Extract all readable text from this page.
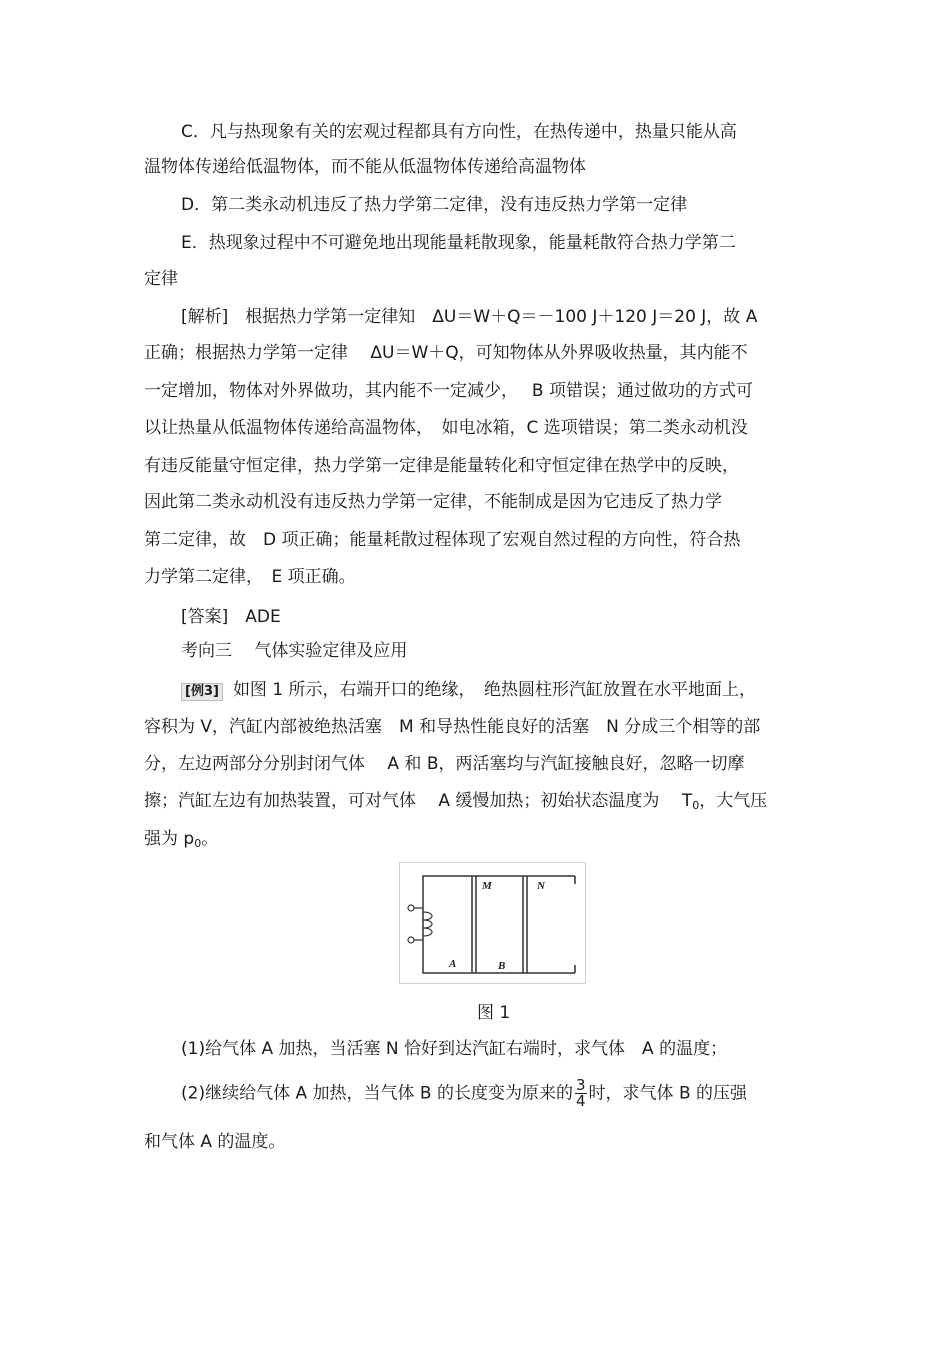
C．凡与热现象有关的宏观过程都具有方向性，在热传递中，热量只能从高
温物体传递给低温物体，而不能从低温物体传递给高温物体
D．第二类永动机违反了热力学第二定律，没有违反热力学第一定律
E．热现象过程中不可避免地出现能量耗散现象，能量耗散符合热力学第二
定律
[解析]　根据热力学第一定律知　ΔU＝W＋Q＝－100 J＋120 J＝20 J，故 A
正确；根据热力学第一定律　 ΔU＝W＋Q，可知物体从外界吸收热量，其内能不
一定增加，物体对外界做功，其内能不一定减少，　 B 项错误；通过做功的方式可
以让热量从低温物体传递给高温物体，　如电冰箱，C 选项错误；第二类永动机没
有违反能量守恒定律，热力学第一定律是能量转化和守恒定律在热学中的反映，
因此第二类永动机没有违反热力学第一定律，不能制成是因为它违反了热力学
第二定律，故　D 项正确；能量耗散过程体现了宏观自然过程的方向性，符合热
力学第二定律，　E 项正确。
[答案]　ADE
考向三　 气体实验定律及应用
[例3] 如图 1 所示，右端开口的绝缘，　绝热圆柱形汽缸放置在水平地面上，
容积为 V，汽缸内部被绝热活塞　M 和导热性能良好的活塞　N 分成三个相等的部
分，左边两部分分别封闭气体　 A 和 B，两活塞均与汽缸接触良好，忽略一切摩
擦；汽缸左边有加热装置，可对气体　 A 缓慢加热；初始状态温度为　 $T_0$，大气压
强为 $p_0$。
M	N
A	B
图 1
(1)给气体 A 加热，当活塞 N 恰好到达汽缸右端时，求气体　A 的温度；
(2)继续给气体 A 加热，当气体 B 的长度变为原来的 $\frac{3}{4}$ 时，求气体 B 的压强
和气体 A 的温度。
